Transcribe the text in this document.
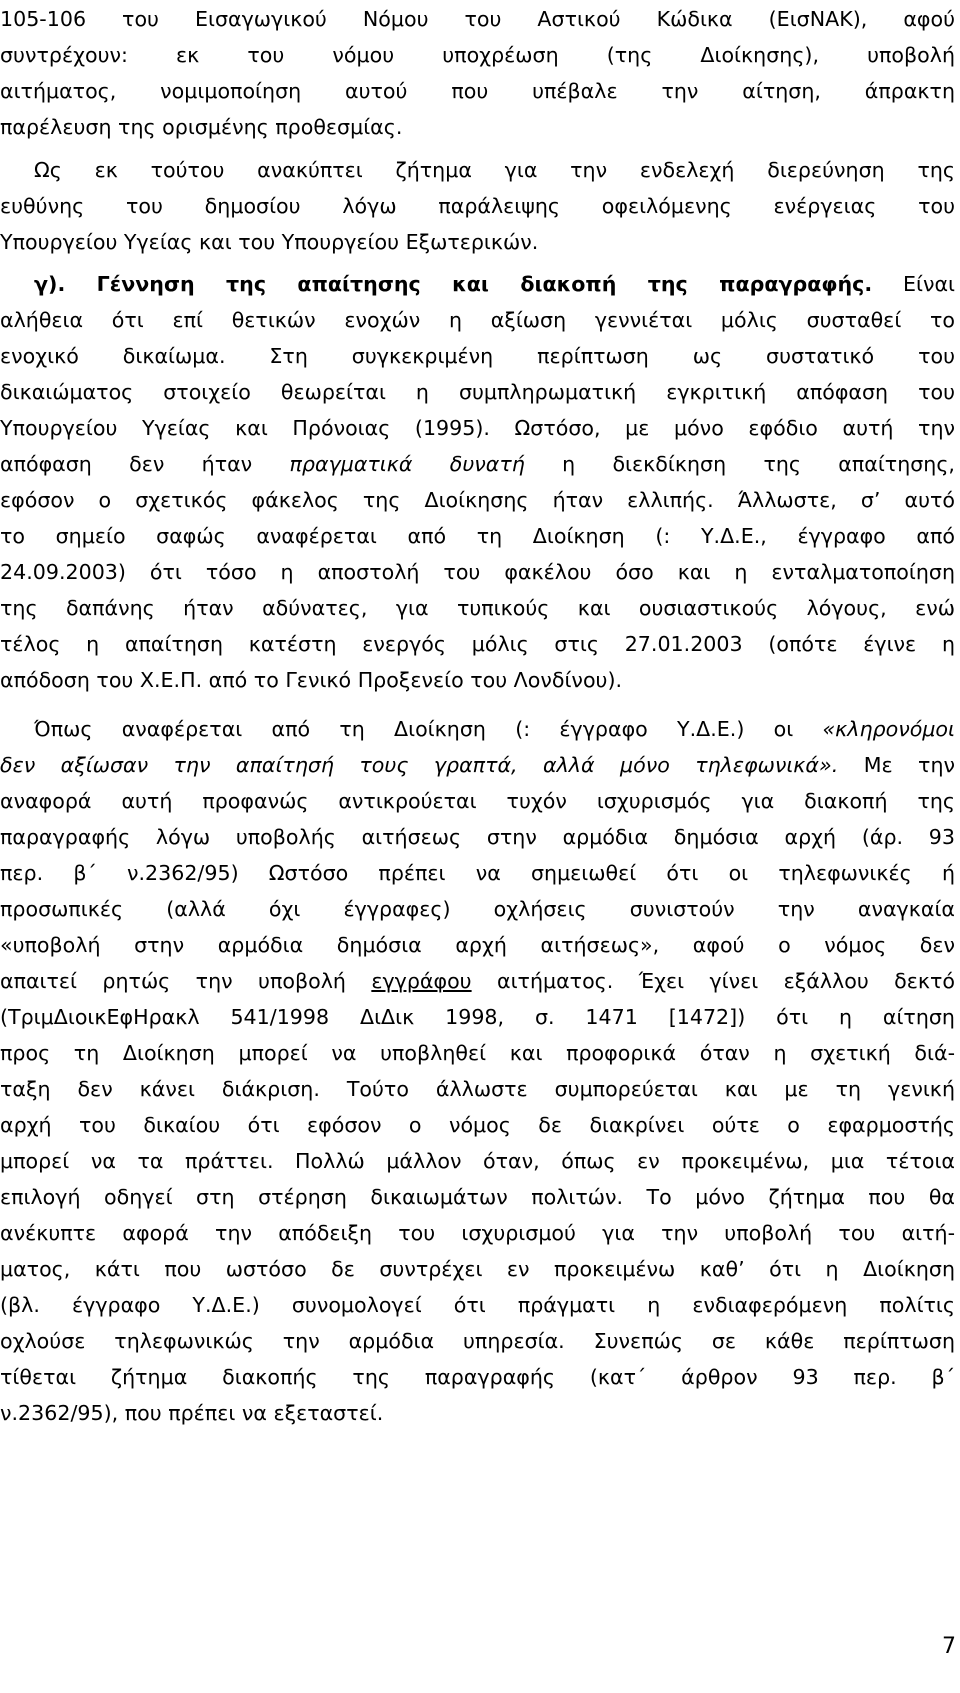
105-106 του Εισαγωγικού Νόμου του Αστικού Κώδικα (ΕισΝΑΚ), αφού
συντρέχουν: εκ του νόμου υποχρέωση (της Διοίκησης), υποβολή
αιτήματος, νομιμοποίηση αυτού που υπέβαλε την αίτηση, άπρακτη
παρέλευση της ορισμένης προθεσμίας.
Ως εκ τούτου ανακύπτει ζήτημα για την ενδελεχή διερεύνηση της
ευθύνης του δημοσίου λόγω παράλειψης οφειλόμενης ενέργειας του
Υπουργείου Υγείας και του Υπουργείου Εξωτερικών.
γ). Γέννηση της απαίτησης και διακοπή της παραγραφής. Είναι
αλήθεια ότι επί θετικών ενοχών η αξίωση γεννιέται μόλις συσταθεί το
ενοχικό δικαίωμα. Στη συγκεκριμένη περίπτωση ως συστατικό του
δικαιώματος στοιχείο θεωρείται η συμπληρωματική εγκριτική απόφαση του
Υπουργείου Υγείας και Πρόνοιας (1995). Ωστόσο, με μόνο εφόδιο αυτή την
απόφαση δεν ήταν πραγματικά δυνατή η διεκδίκηση της απαίτησης,
εφόσον ο σχετικός φάκελος της Διοίκησης ήταν ελλιπής. Άλλωστε, σ’ αυτό
το σημείο σαφώς αναφέρεται από τη Διοίκηση (: Υ.Δ.Ε., έγγραφο από
24.09.2003) ότι τόσο η αποστολή του φακέλου όσο και η ενταλματοποίηση
της δαπάνης ήταν αδύνατες, για τυπικούς και ουσιαστικούς λόγους, ενώ
τέλος η απαίτηση κατέστη ενεργός μόλις στις 27.01.2003 (οπότε έγινε η
απόδοση του Χ.Ε.Π. από το Γενικό Προξενείο του Λονδίνου).
Όπως αναφέρεται από τη Διοίκηση (: έγγραφο Υ.Δ.Ε.) οι «κληρονόμοι
δεν αξίωσαν την απαίτησή τους γραπτά, αλλά μόνο τηλεφωνικά». Με την
αναφορά αυτή προφανώς αντικρούεται τυχόν ισχυρισμός για διακοπή της
παραγραφής λόγω υποβολής αιτήσεως στην αρμόδια δημόσια αρχή (άρ. 93
περ. β΄ ν.2362/95) Ωστόσο πρέπει να σημειωθεί ότι οι τηλεφωνικές ή
προσωπικές (αλλά όχι έγγραφες) οχλήσεις συνιστούν την αναγκαία
«υποβολή στην αρμόδια δημόσια αρχή αιτήσεως», αφού ο νόμος δεν
απαιτεί ρητώς την υποβολή εγγράφου αιτήματος. Έχει γίνει εξάλλου δεκτό
(ΤριμΔιοικΕφΗρακλ 541/1998 ΔιΔικ 1998, σ. 1471 [1472]) ότι η αίτηση
προς τη Διοίκηση μπορεί να υποβληθεί και προφορικά όταν η σχετική διά-
ταξη δεν κάνει διάκριση. Τούτο άλλωστε συμπορεύεται και με τη γενική
αρχή του δικαίου ότι εφόσον ο νόμος δε διακρίνει ούτε ο εφαρμοστής
μπορεί να τα πράττει. Πολλώ μάλλον όταν, όπως εν προκειμένω, μια τέτοια
επιλογή οδηγεί στη στέρηση δικαιωμάτων πολιτών. Το μόνο ζήτημα που θα
ανέκυπτε αφορά την απόδειξη του ισχυρισμού για την υποβολή του αιτή-
ματος, κάτι που ωστόσο δε συντρέχει εν προκειμένω καθ’ ότι η Διοίκηση
(βλ. έγγραφο Υ.Δ.Ε.) συνομολογεί ότι πράγματι η ενδιαφερόμενη πολίτις
οχλούσε τηλεφωνικώς την αρμόδια υπηρεσία. Συνεπώς σε κάθε περίπτωση
τίθεται ζήτημα διακοπής της παραγραφής (κατ΄ άρθρον 93 περ. β΄
ν.2362/95), που πρέπει να εξεταστεί.
7
